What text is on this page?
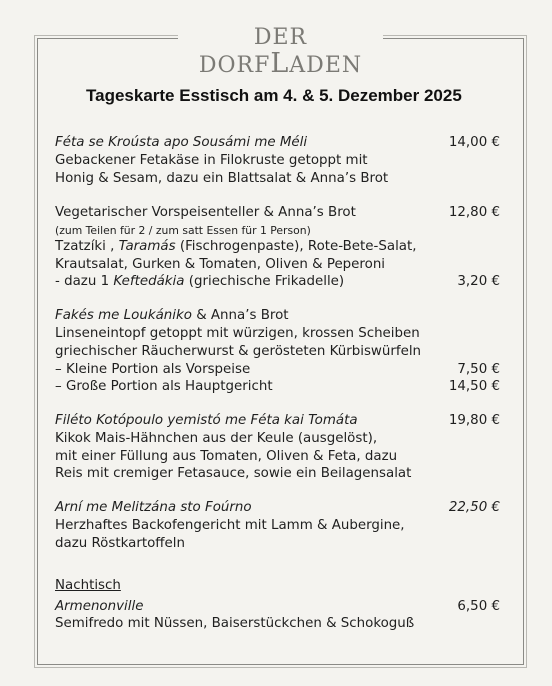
DER DORFLADEN
Tageskarte Esstisch am 4. & 5. Dezember 2025
Féta se Kroústa apo Sousámi me Méli	14,00 €
Gebackener Fetakäse in Filokruste getoppt mit
Honig & Sesam, dazu ein Blattsalat & Anna’s Brot
Vegetarischer Vorspeisenteller & Anna’s Brot	12,80 €
(zum Teilen für 2 / zum satt Essen für 1 Person)
Tzatzíki , Taramás (Fischrogenpaste), Rote-Bete-Salat,
Krautsalat, Gurken & Tomaten, Oliven & Peperoni
- dazu 1 Keftedákia (griechische Frikadelle)	3,20 €
Fakés me Loukániko & Anna’s Brot
Linseneintopf getoppt mit würzigen, krossen Scheiben
griechischer Räucherwurst & gerösteten Kürbiswürfeln
– Kleine Portion als Vorspeise	7,50 €
– Große Portion als Hauptgericht	14,50 €
Filéto Kotópoulo yemistó me Féta kai Tomáta	19,80 €
Kikok Mais-Hähnchen aus der Keule (ausgelöst),
mit einer Füllung aus Tomaten, Oliven & Feta, dazu
Reis mit cremiger Fetasauce, sowie ein Beilagensalat
Arní me Melitzána sto Foúrno	22,50 €
Herzhaftes Backofengericht mit Lamm & Aubergine,
dazu Röstkartoffeln
Nachtisch
Armenonville	6,50 €
Semifredo mit Nüssen, Baiserstückchen & Schokoguß
